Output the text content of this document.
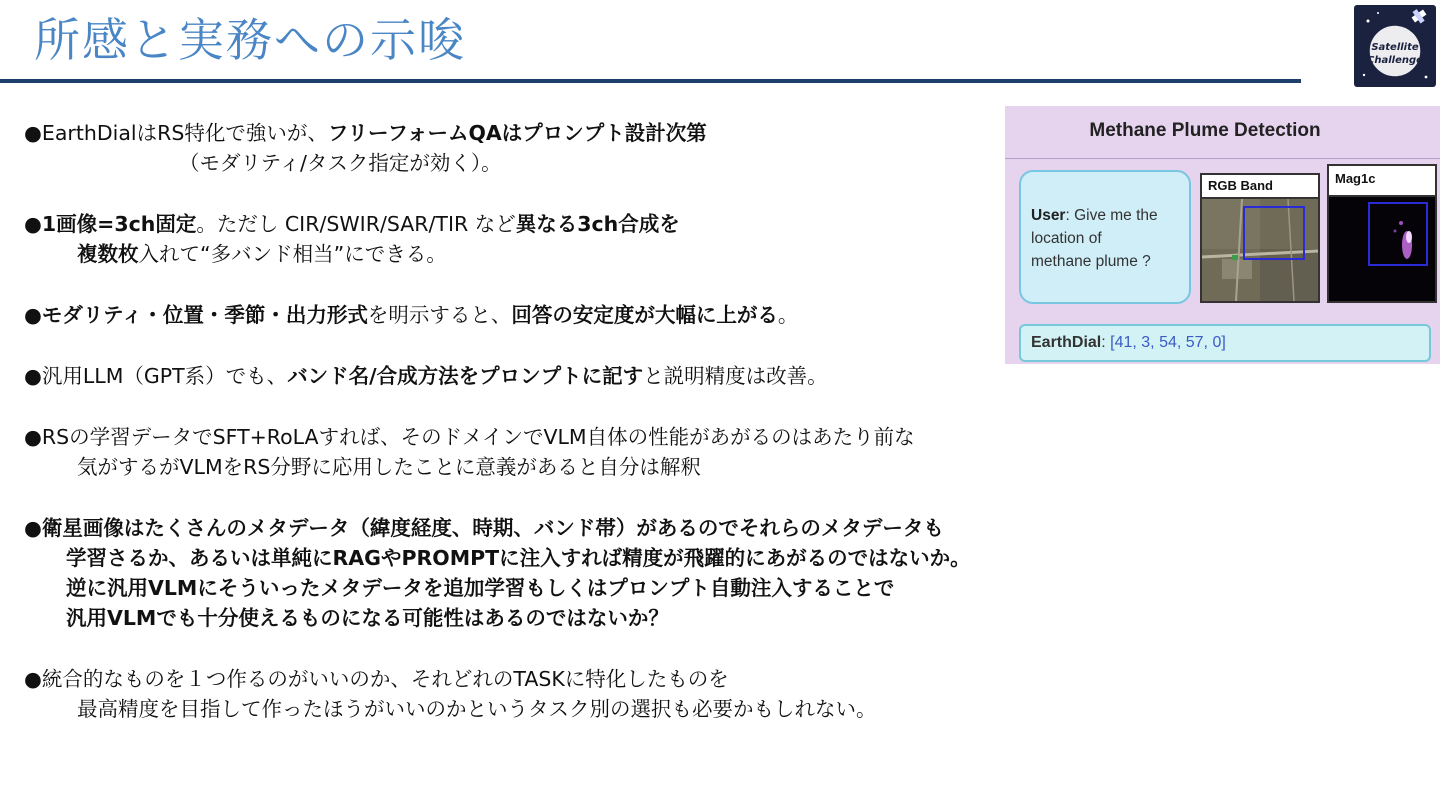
所感と実務への示唆	Satellite
Challenge
●EarthDialはRS特化で強いが、フリーフォームQAはプロンプト設計次第
（モダリティ/タスク指定が効く）。
●1画像=3ch固定。ただし CIR/SWIR/SAR/TIR など異なる3ch合成を
複数枚入れて“多バンド相当”にできる。
●モダリティ・位置・季節・出力形式を明示すると、回答の安定度が大幅に上がる。
●汎用LLM（GPT系）でも、バンド名/合成方法をプロンプトに記すと説明精度は改善。
●RSの学習データでSFT+RoLAすれば、そのドメインでVLM自体の性能があがるのはあたり前な
気がするがVLMをRS分野に応用したことに意義があると自分は解釈
●衛星画像はたくさんのメタデータ（緯度経度、時期、バンド帯）があるのでそれらのメタデータも
学習さるか、あるいは単純にRAGやPROMPTに注入すれば精度が飛躍的にあがるのではないか。
逆に汎用VLMにそういったメタデータを追加学習もしくはプロンプト自動注入することで
汎用VLMでも十分使えるものになる可能性はあるのではないか？
●統合的なものを１つ作るのがいいのか、それどれのTASKに特化したものを
最高精度を目指して作ったほうがいいのかというタスク別の選択も必要かもしれない。
Methane Plume Detection
User: Give me the
location of
methane plume ?
RGB Band	Mag1c
EarthDial: [41, 3, 54, 57, 0]
